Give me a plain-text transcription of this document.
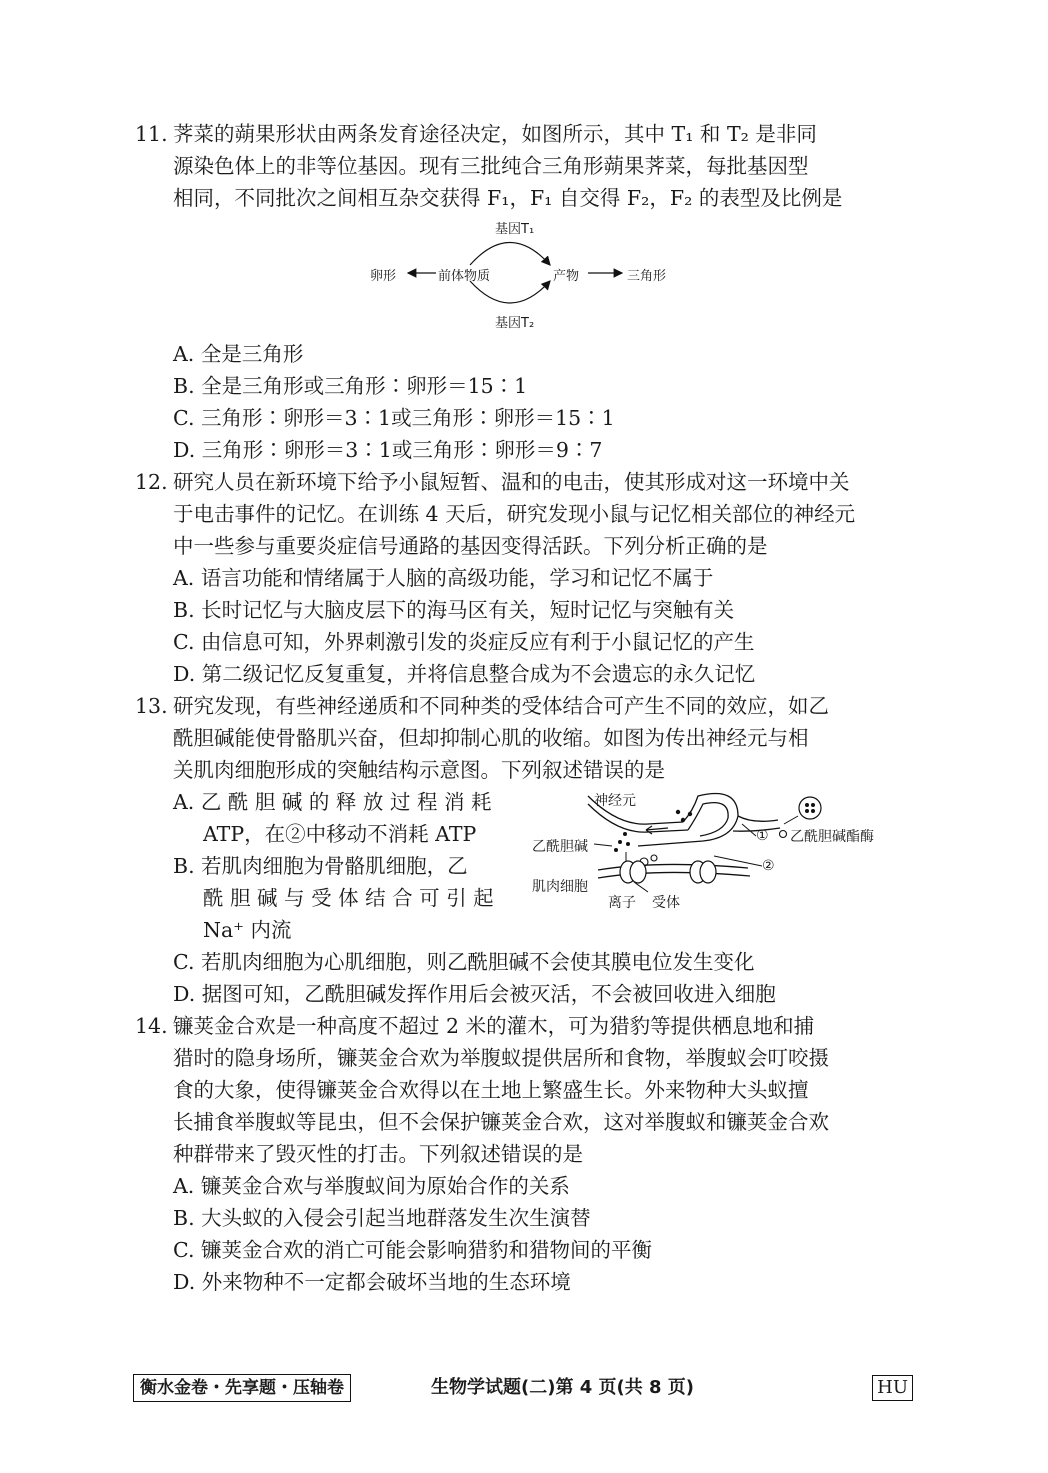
11. 荠菜的蒴果形状由两条发育途径决定，如图所示，其中 T₁ 和 T₂ 是非同
源染色体上的非等位基因。现有三批纯合三角形蒴果荠菜，每批基因型
相同，不同批次之间相互杂交获得 F₁，F₁ 自交得 F₂，F₂ 的表型及比例是
基因T₁
卵形	前体物质	产物	三角形
基因T₂
A. 全是三角形
B. 全是三角形或三角形∶卵形＝15∶1
C. 三角形∶卵形＝3∶1或三角形∶卵形＝15∶1
D. 三角形∶卵形＝3∶1或三角形∶卵形＝9∶7
12. 研究人员在新环境下给予小鼠短暂、温和的电击，使其形成对这一环境中关
于电击事件的记忆。在训练 4 天后，研究发现小鼠与记忆相关部位的神经元
中一些参与重要炎症信号通路的基因变得活跃。下列分析正确的是
A. 语言功能和情绪属于人脑的高级功能，学习和记忆不属于
B. 长时记忆与大脑皮层下的海马区有关，短时记忆与突触有关
C. 由信息可知，外界刺激引发的炎症反应有利于小鼠记忆的产生
D. 第二级记忆反复重复，并将信息整合成为不会遗忘的永久记忆
13. 研究发现，有些神经递质和不同种类的受体结合可产生不同的效应，如乙
酰胆碱能使骨骼肌兴奋，但却抑制心肌的收缩。如图为传出神经元与相
关肌肉细胞形成的突触结构示意图。下列叙述错误的是
A. 乙 酰 胆 碱 的 释 放 过 程 消 耗
ATP，在②中移动不消耗 ATP
B. 若肌肉细胞为骨骼肌细胞，乙
酰 胆 碱 与 受 体 结 合 可 引 起
Na⁺ 内流
C. 若肌肉细胞为心肌细胞，则乙酰胆碱不会使其膜电位发生变化
D. 据图可知，乙酰胆碱发挥作用后会被灭活，不会被回收进入细胞
神经元
乙酰胆碱
① 乙酰胆碱酯酶
②
肌肉细胞
离子 受体
14. 镰荚金合欢是一种高度不超过 2 米的灌木，可为猎豹等提供栖息地和捕
猎时的隐身场所，镰荚金合欢为举腹蚁提供居所和食物，举腹蚁会叮咬摄
食的大象，使得镰荚金合欢得以在土地上繁盛生长。外来物种大头蚁擅
长捕食举腹蚁等昆虫，但不会保护镰荚金合欢，这对举腹蚁和镰荚金合欢
种群带来了毁灭性的打击。下列叙述错误的是
A. 镰荚金合欢与举腹蚁间为原始合作的关系
B. 大头蚁的入侵会引起当地群落发生次生演替
C. 镰荚金合欢的消亡可能会影响猎豹和猎物间的平衡
D. 外来物种不一定都会破坏当地的生态环境
衡水金卷・先享题・压轴卷	生物学试题(二)第 4 页(共 8 页)	HU
